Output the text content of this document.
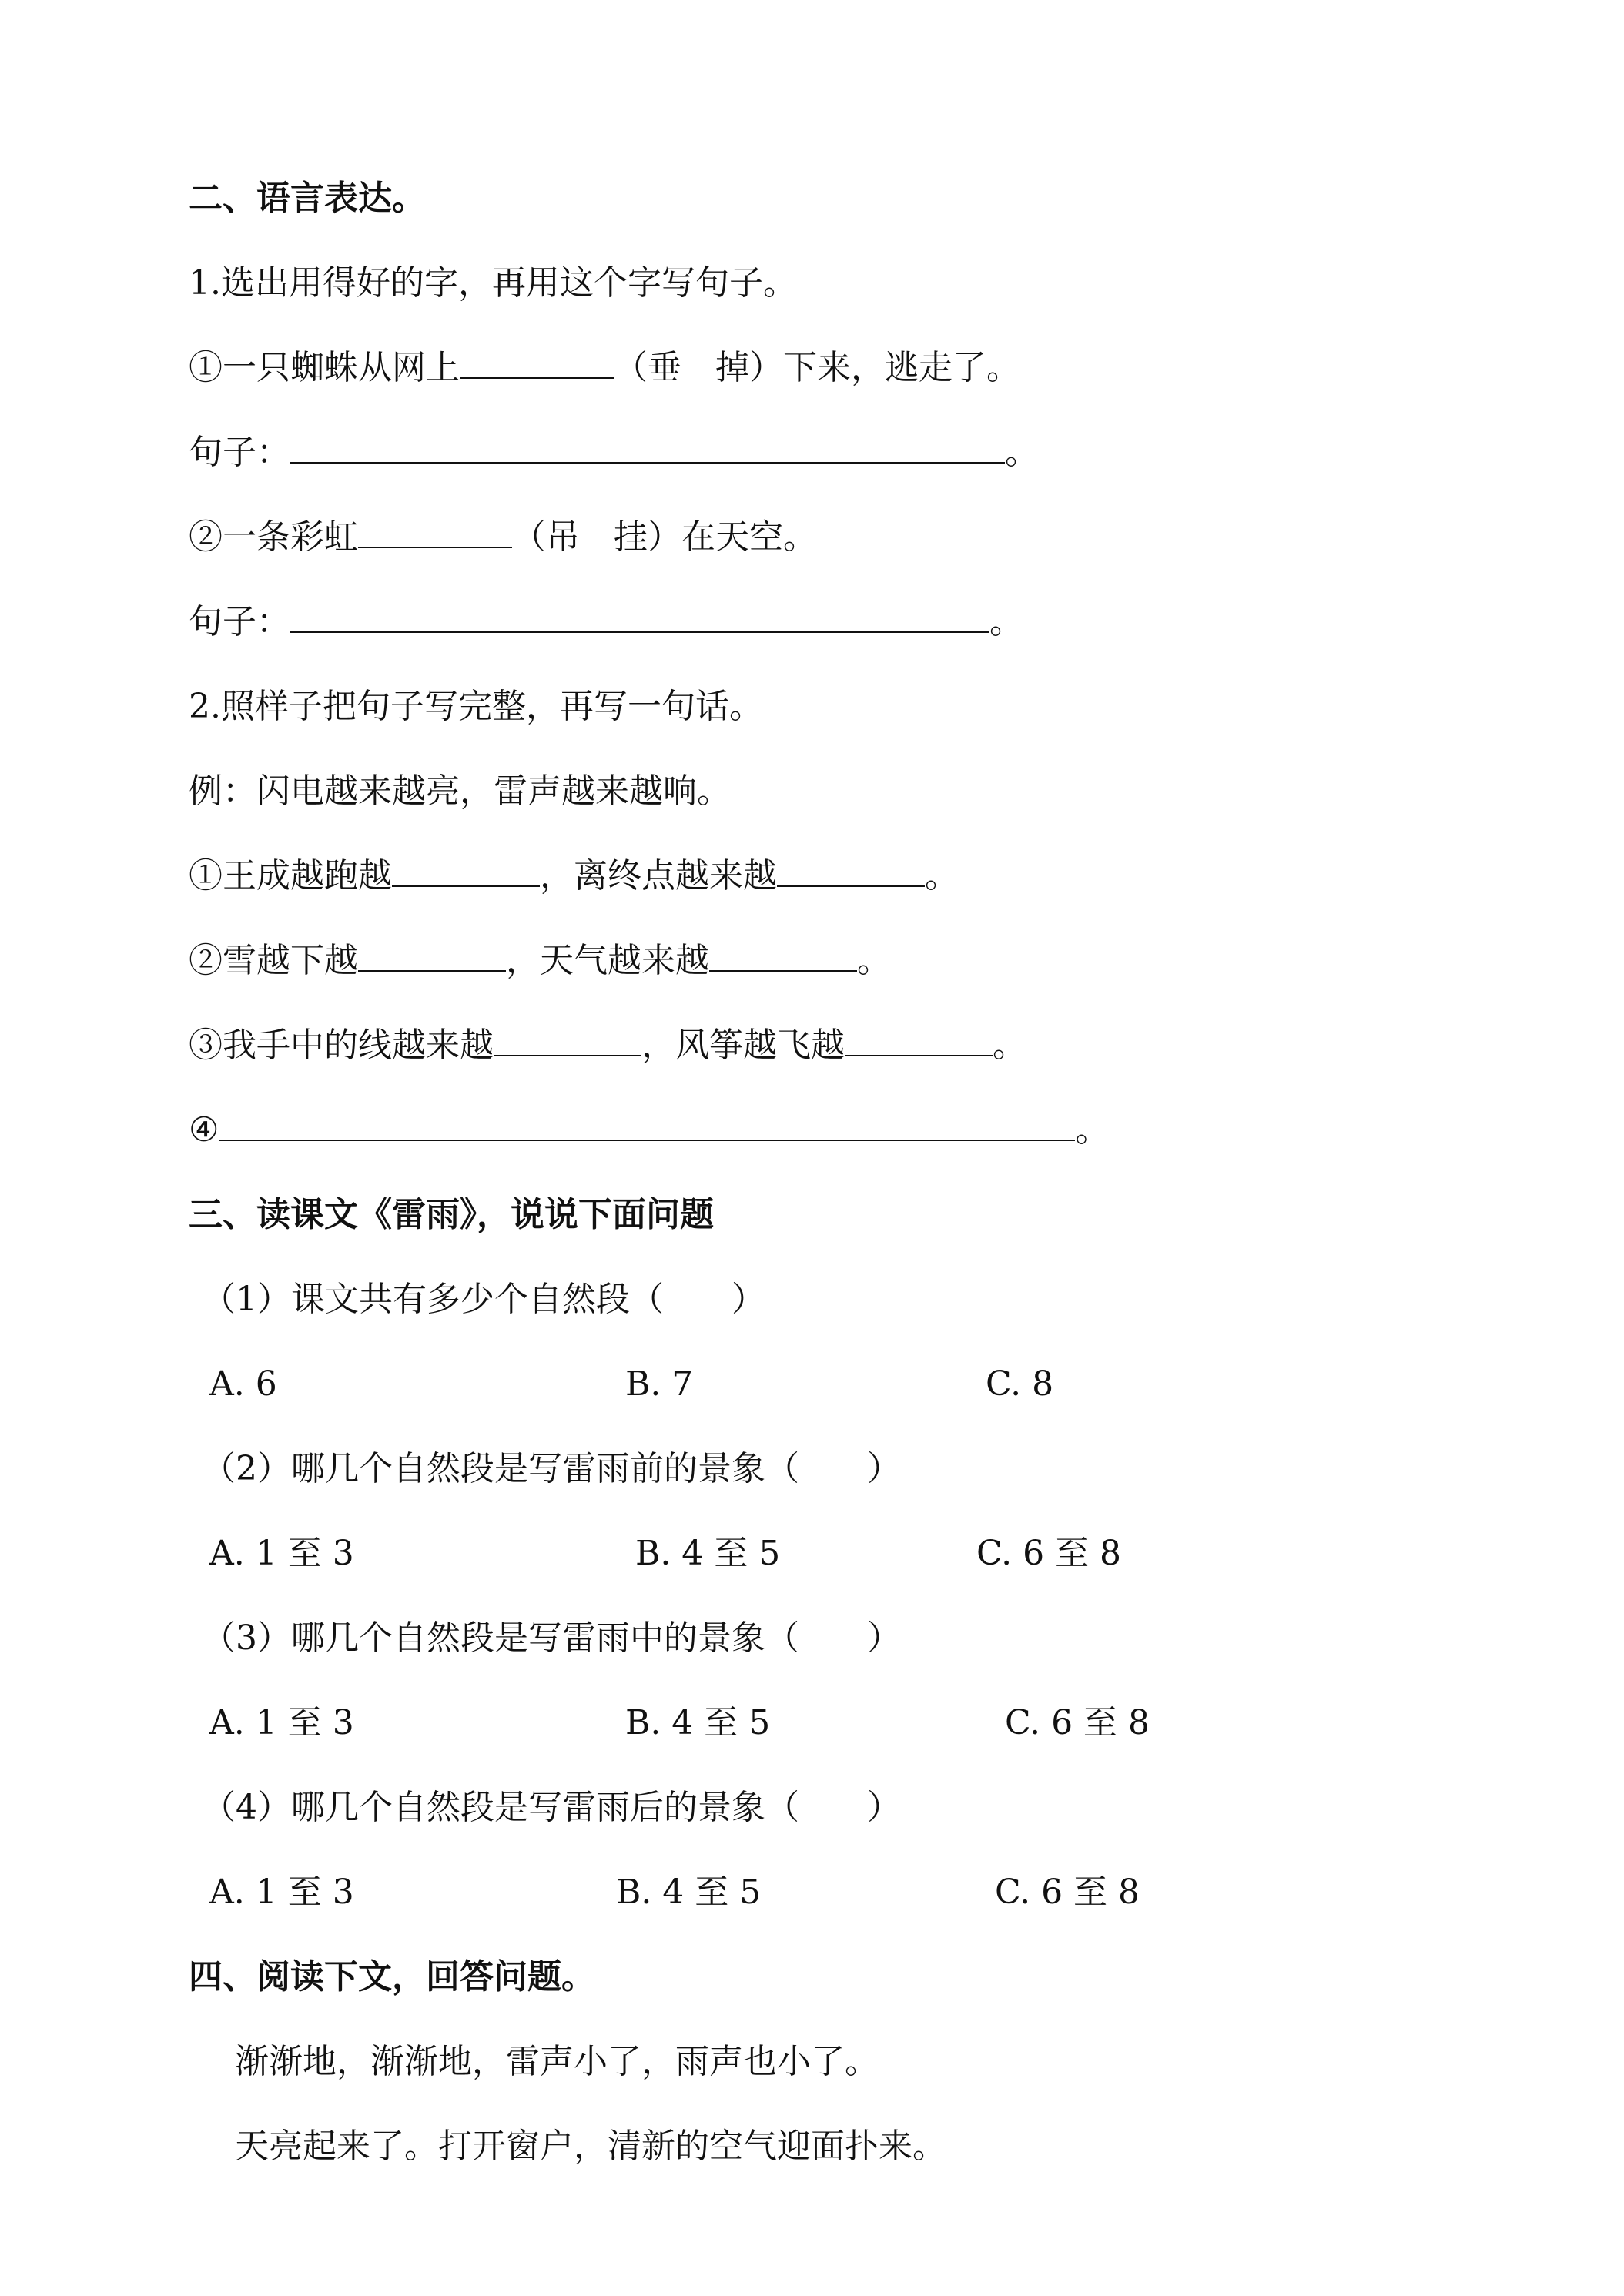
二、语言表达。
1.选出用得好的字，再用这个字写句子。
①一只蜘蛛从网上	（垂　掉）下来，逃走了。
句子：	。
②一条彩虹	（吊　挂）在天空。
句子：	。
2.照样子把句子写完整，再写一句话。
例：闪电越来越亮，雷声越来越响。
①王成越跑越	，离终点越来越	。
②雪越下越	，天气越来越	。
③我手中的线越来越	，风筝越飞越	。
④	。
三、读课文《雷雨》，说说下面问题
（1）课文共有多少个自然段（　　）
A. 6	B. 7	C. 8
（2）哪几个自然段是写雷雨前的景象（　　）
A. 1 至 3	B. 4 至 5	C. 6 至 8
（3）哪几个自然段是写雷雨中的景象（　　）
A. 1 至 3	B. 4 至 5	C. 6 至 8
（4）哪几个自然段是写雷雨后的景象（　　）
A. 1 至 3	B. 4 至 5	C. 6 至 8
四、阅读下文，回答问题。
渐渐地，渐渐地，雷声小了，雨声也小了。
天亮起来了。打开窗户，清新的空气迎面扑来。
